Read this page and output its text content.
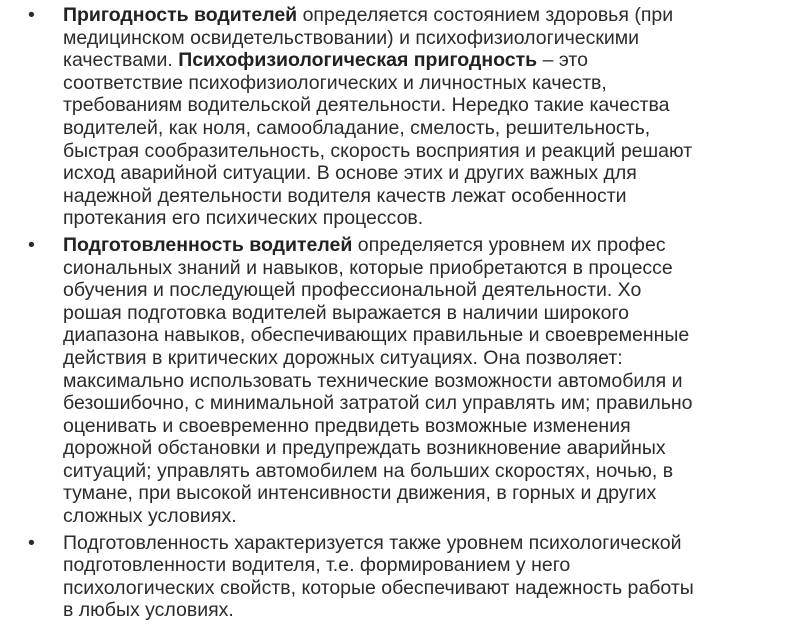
•	Пригодность водителей определяется состоянием здоровья (при
медицинском освидетельствовании) и психофизиологическими
качествами. Психофизиологическая пригодность – это
соответствие психофизиологических и личностных качеств,
требованиям водительской деятельности. Нередко такие качества
водителей, как ноля, самообладание, смелость, решительность,
быстрая сообразительность, скорость восприятия и реакций решают
исход аварийной ситуации. В основе этих и других важных для
надежной деятельности водителя качеств лежат особенности
протекания его психических процессов.
•	Подготовленность водителей определяется уровнем их профес
сиональных знаний и навыков, которые приобретаются в процессе
обучения и последующей профессиональной деятельности. Хо
рошая подготовка водителей выражается в наличии широкого
диапазона навыков, обеспечивающих правильные и своевременные
действия в критических дорожных ситуациях. Она позволяет:
максимально использовать технические возможности автомобиля и
безошибочно, с минимальной затратой сил управлять им; правильно
оценивать и своевременно предвидеть возможные изменения
дорожной обстановки и предупреждать возникновение аварийных
ситуаций; управлять автомобилем на больших скоростях, ночью, в
тумане, при высокой интенсивности движения, в горных и других
сложных условиях.
•	Подготовленность характеризуется также уровнем психологической
подготовленности водителя, т.е. формированием у него
психологических свойств, которые обеспечивают надежность работы
в любых условиях.
